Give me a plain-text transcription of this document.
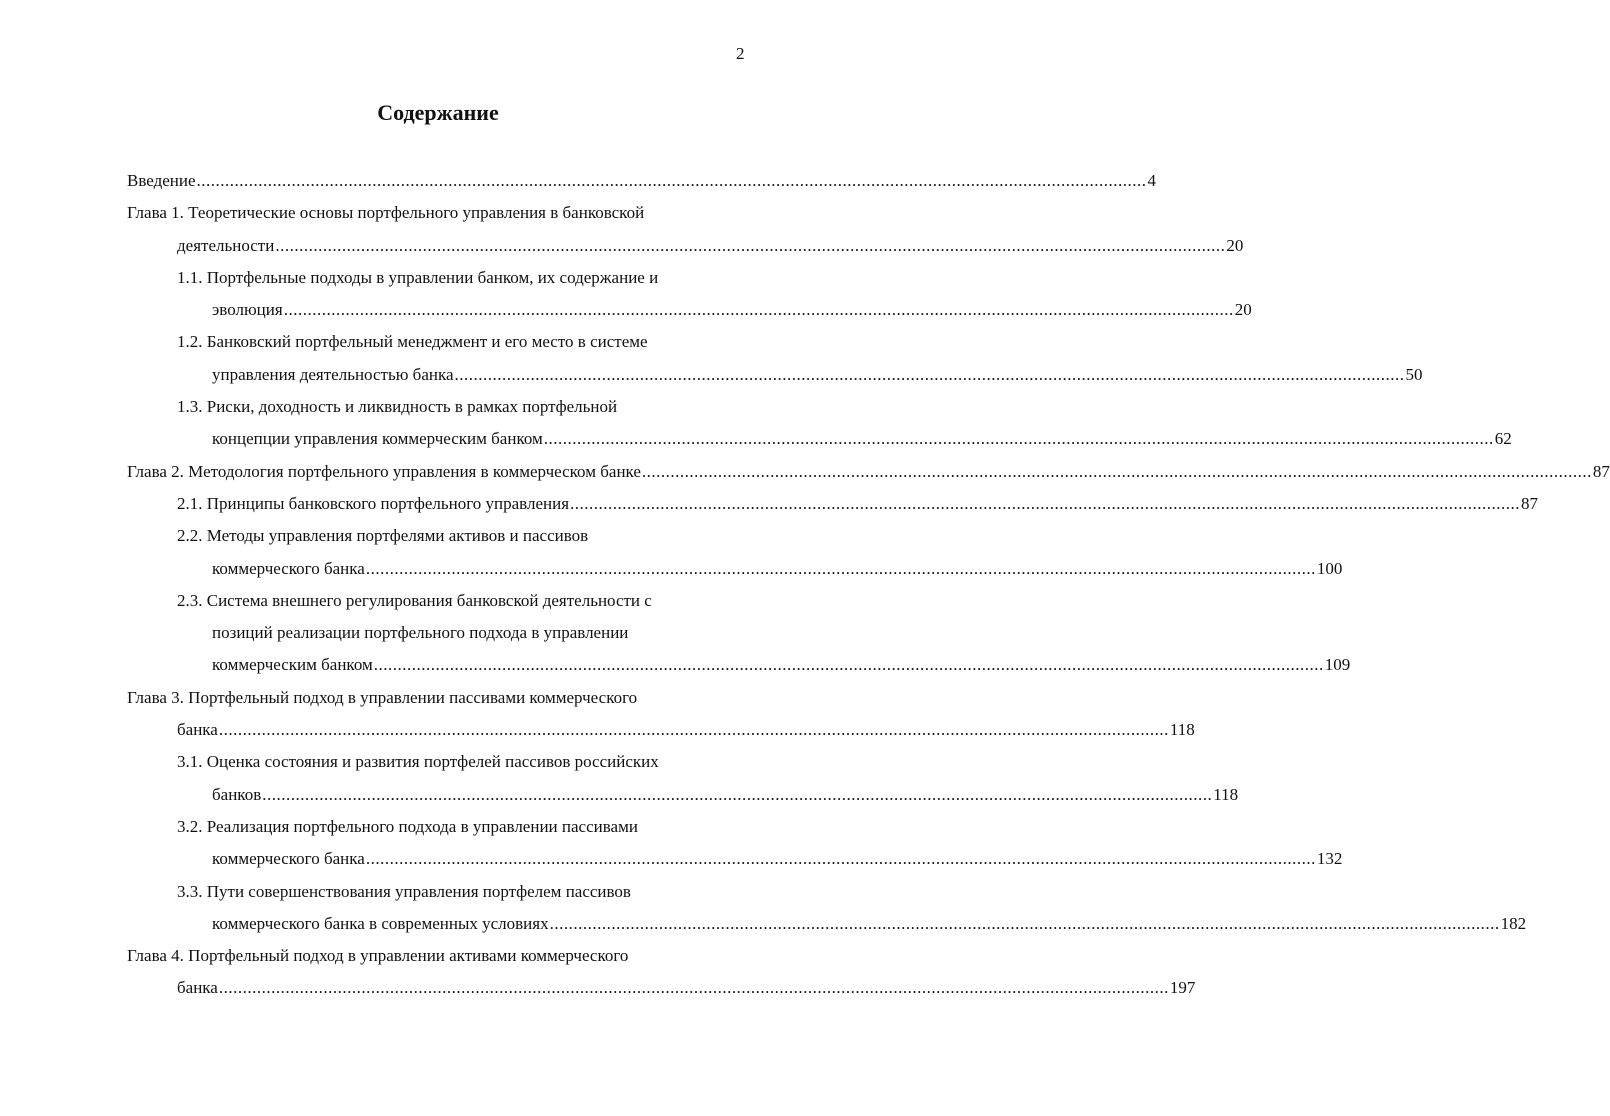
2
Содержание
Введение ........................................................................................................................................................................................................ 4
Глава 1. Теоретические основы портфельного управления в банковской
деятельности ........................................................................................................................................................................................................ 20
1.1. Портфельные подходы в управлении банком, их содержание и
эволюция ........................................................................................................................................................................................................ 20
1.2. Банковский портфельный менеджмент и его место в системе
управления деятельностью банка ........................................................................................................................................................................................................ 50
1.3. Риски, доходность и ликвидность в рамках портфельной
концепции управления коммерческим банком ........................................................................................................................................................................................................ 62
Глава 2. Методология портфельного управления в коммерческом банке ........................................................................................................................................................................................................ 87
2.1. Принципы банковского портфельного управления ........................................................................................................................................................................................................ 87
2.2. Методы управления портфелями активов и пассивов
коммерческого банка ........................................................................................................................................................................................................ 100
2.3. Система внешнего регулирования банковской деятельности с
позиций реализации портфельного подхода в управлении
коммерческим банком ........................................................................................................................................................................................................ 109
Глава 3. Портфельный подход в управлении пассивами коммерческого
банка ........................................................................................................................................................................................................ 118
3.1. Оценка состояния и развития портфелей пассивов российских
банков ........................................................................................................................................................................................................ 118
3.2. Реализация портфельного подхода в управлении пассивами
коммерческого банка ........................................................................................................................................................................................................ 132
3.3. Пути совершенствования управления портфелем пассивов
коммерческого банка в современных условиях ........................................................................................................................................................................................................ 182
Глава 4. Портфельный подход в управлении активами коммерческого
банка ........................................................................................................................................................................................................ 197
